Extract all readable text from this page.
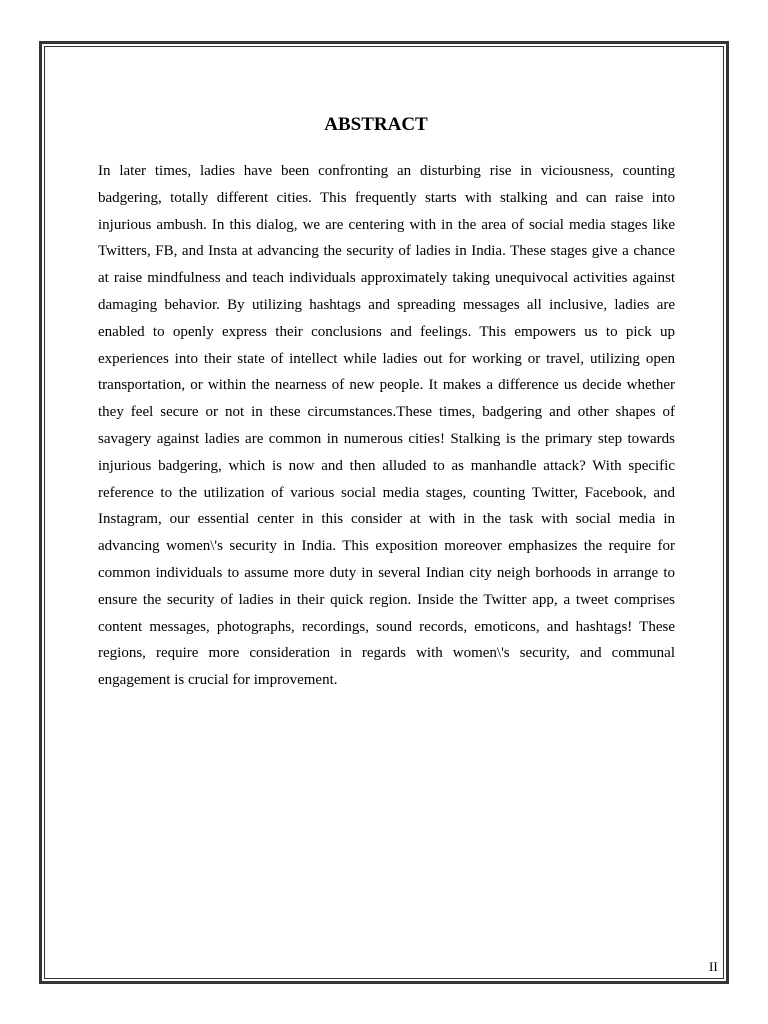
ABSTRACT

In later times, ladies have been confronting an disturbing rise in viciousness, counting badgering, totally different cities. This frequently starts with stalking and can raise into injurious ambush. In this dialog, we are centering with in the area of social media stages like Twitters, FB, and Insta at advancing the security of ladies in India. These stages give a chance at raise mindfulness and teach individuals approximately taking unequivocal activities against damaging behavior. By utilizing hashtags and spreading messages all inclusive, ladies are enabled to openly express their conclusions and feelings. This empowers us to pick up experiences into their state of intellect while ladies out for working or travel, utilizing open transportation, or within the nearness of new people. It makes a difference us decide whether they feel secure or not in these circumstances.These times, badgering and other shapes of savagery against ladies are common in numerous cities! Stalking is the primary step towards injurious badgering, which is now and then alluded to as manhandle attack? With specific reference to the utilization of various social media stages, counting Twitter, Facebook, and Instagram, our essential center in this consider at with in the task with social media in advancing women\'s security in India. This exposition moreover emphasizes the require for common individuals to assume more duty in several Indian city neigh borhoods in arrange to ensure the security of ladies in their quick region. Inside the Twitter app, a tweet comprises content messages, photographs, recordings, sound records, emoticons, and hashtags! These regions, require more consideration in regards with women\'s security, and communal engagement is crucial for improvement.

II
